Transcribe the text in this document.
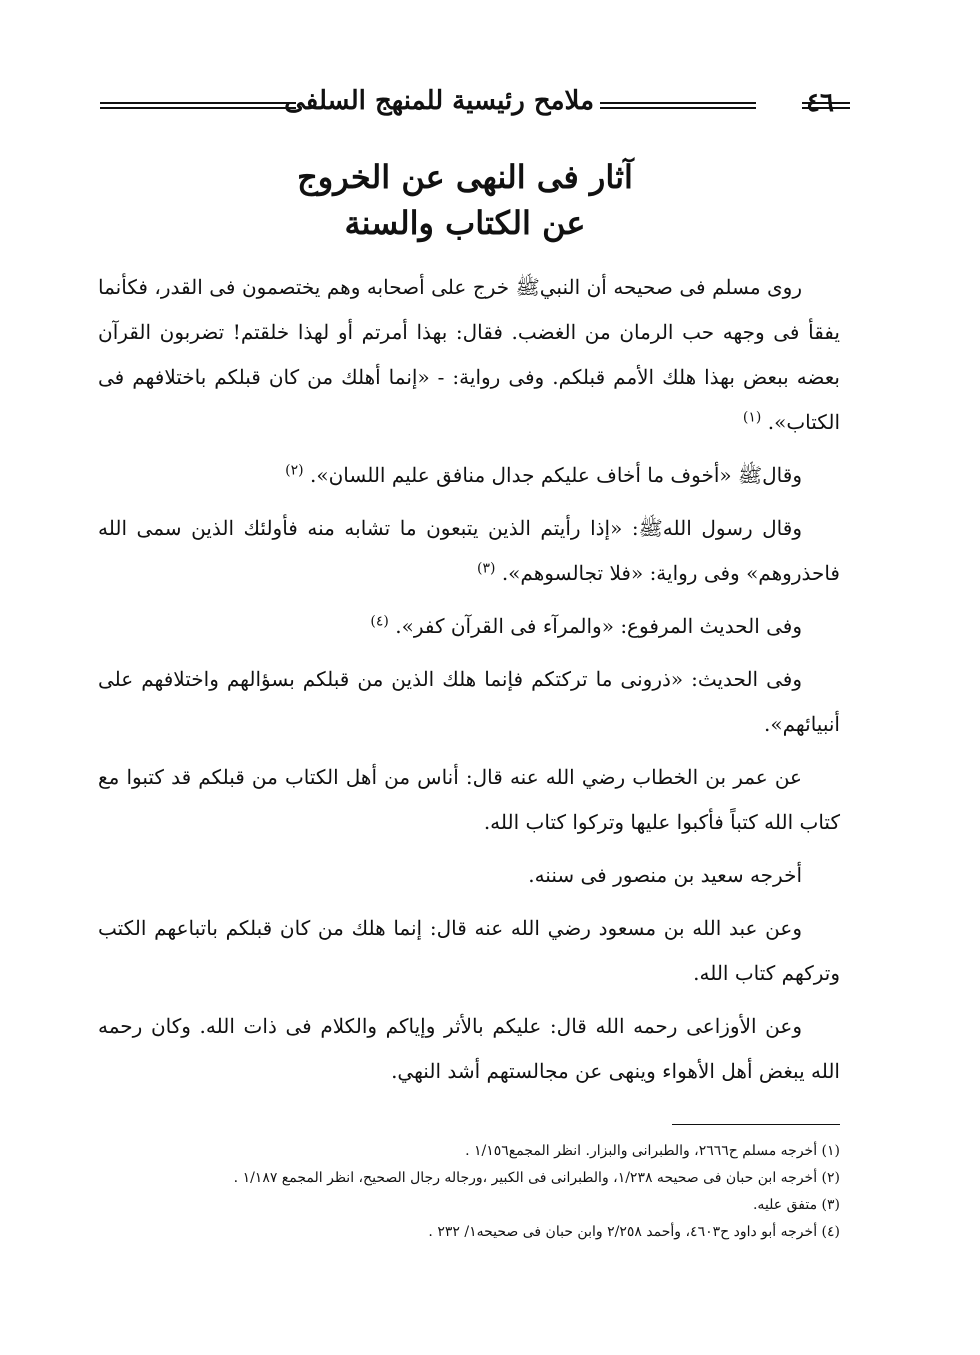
٤٦
ملامح رئيسية للمنهج السلفى
آثار فى النهى عن الخروج
عن الكتاب والسنة

روى مسلم فى صحيحه أن النبيﷺ خرج على أصحابه وهم يختصمون فى القدر، فكأنما يفقأ فى وجهه حب الرمان من الغضب. فقال: بهذا أمرتم أو لهذا خلقتم! تضربون القرآن بعضه ببعض بهذا هلك الأمم قبلكم. وفى رواية: - «إنما أهلك من كان قبلكم باختلافهم فى الكتاب». $^{(١)}$

وقالﷺ «أخوف ما أخاف عليكم جدال منافق عليم اللسان». $^{(٢)}$

وقال رسول اللهﷺ: «إذا رأيتم الذين يتبعون ما تشابه منه فأولئك الذين سمى الله فاحذروهم» وفى رواية: «فلا تجالسوهم». $^{(٣)}$

وفى الحديث المرفوع: «والمرآء فى القرآن كفر». $^{(٤)}$

وفى الحديث: «ذرونى ما تركتكم فإنما هلك الذين من قبلكم بسؤالهم واختلافهم على أنبيائهم».

عن عمر بن الخطاب رضي الله عنه قال: أناس من أهل الكتاب من قبلكم قد كتبوا مع كتاب الله كتباً فأكبوا عليها وتركوا كتاب الله.

أخرجه سعيد بن منصور فى سننه.

وعن عبد الله بن مسعود رضي الله عنه قال: إنما هلك من كان قبلكم باتباعهم الكتب وتركهم كتاب الله.

وعن الأوزاعى رحمه الله قال: عليكم بالأثر وإياكم والكلام فى ذات الله. وكان رحمه الله يبغض أهل الأهواء وينهى عن مجالستهم أشد النهي.

(١) أخرجه مسلم ح٢٦٦٦، والطبرانى والبزار. انظر المجمع١/١٥٦ .

(٢) أخرجه ابن حبان فى صحيحه ١/٢٣٨، والطبرانى فى الكبير ،ورجاله رجال الصحيح، انظر المجمع ١/١٨٧ .

(٣) متفق عليه.

(٤) أخرجه أبو داود ح٤٦٠٣، وأحمد ٢/٢٥٨ وابن حبان فى صحيحه١/ ٢٣٢ .
